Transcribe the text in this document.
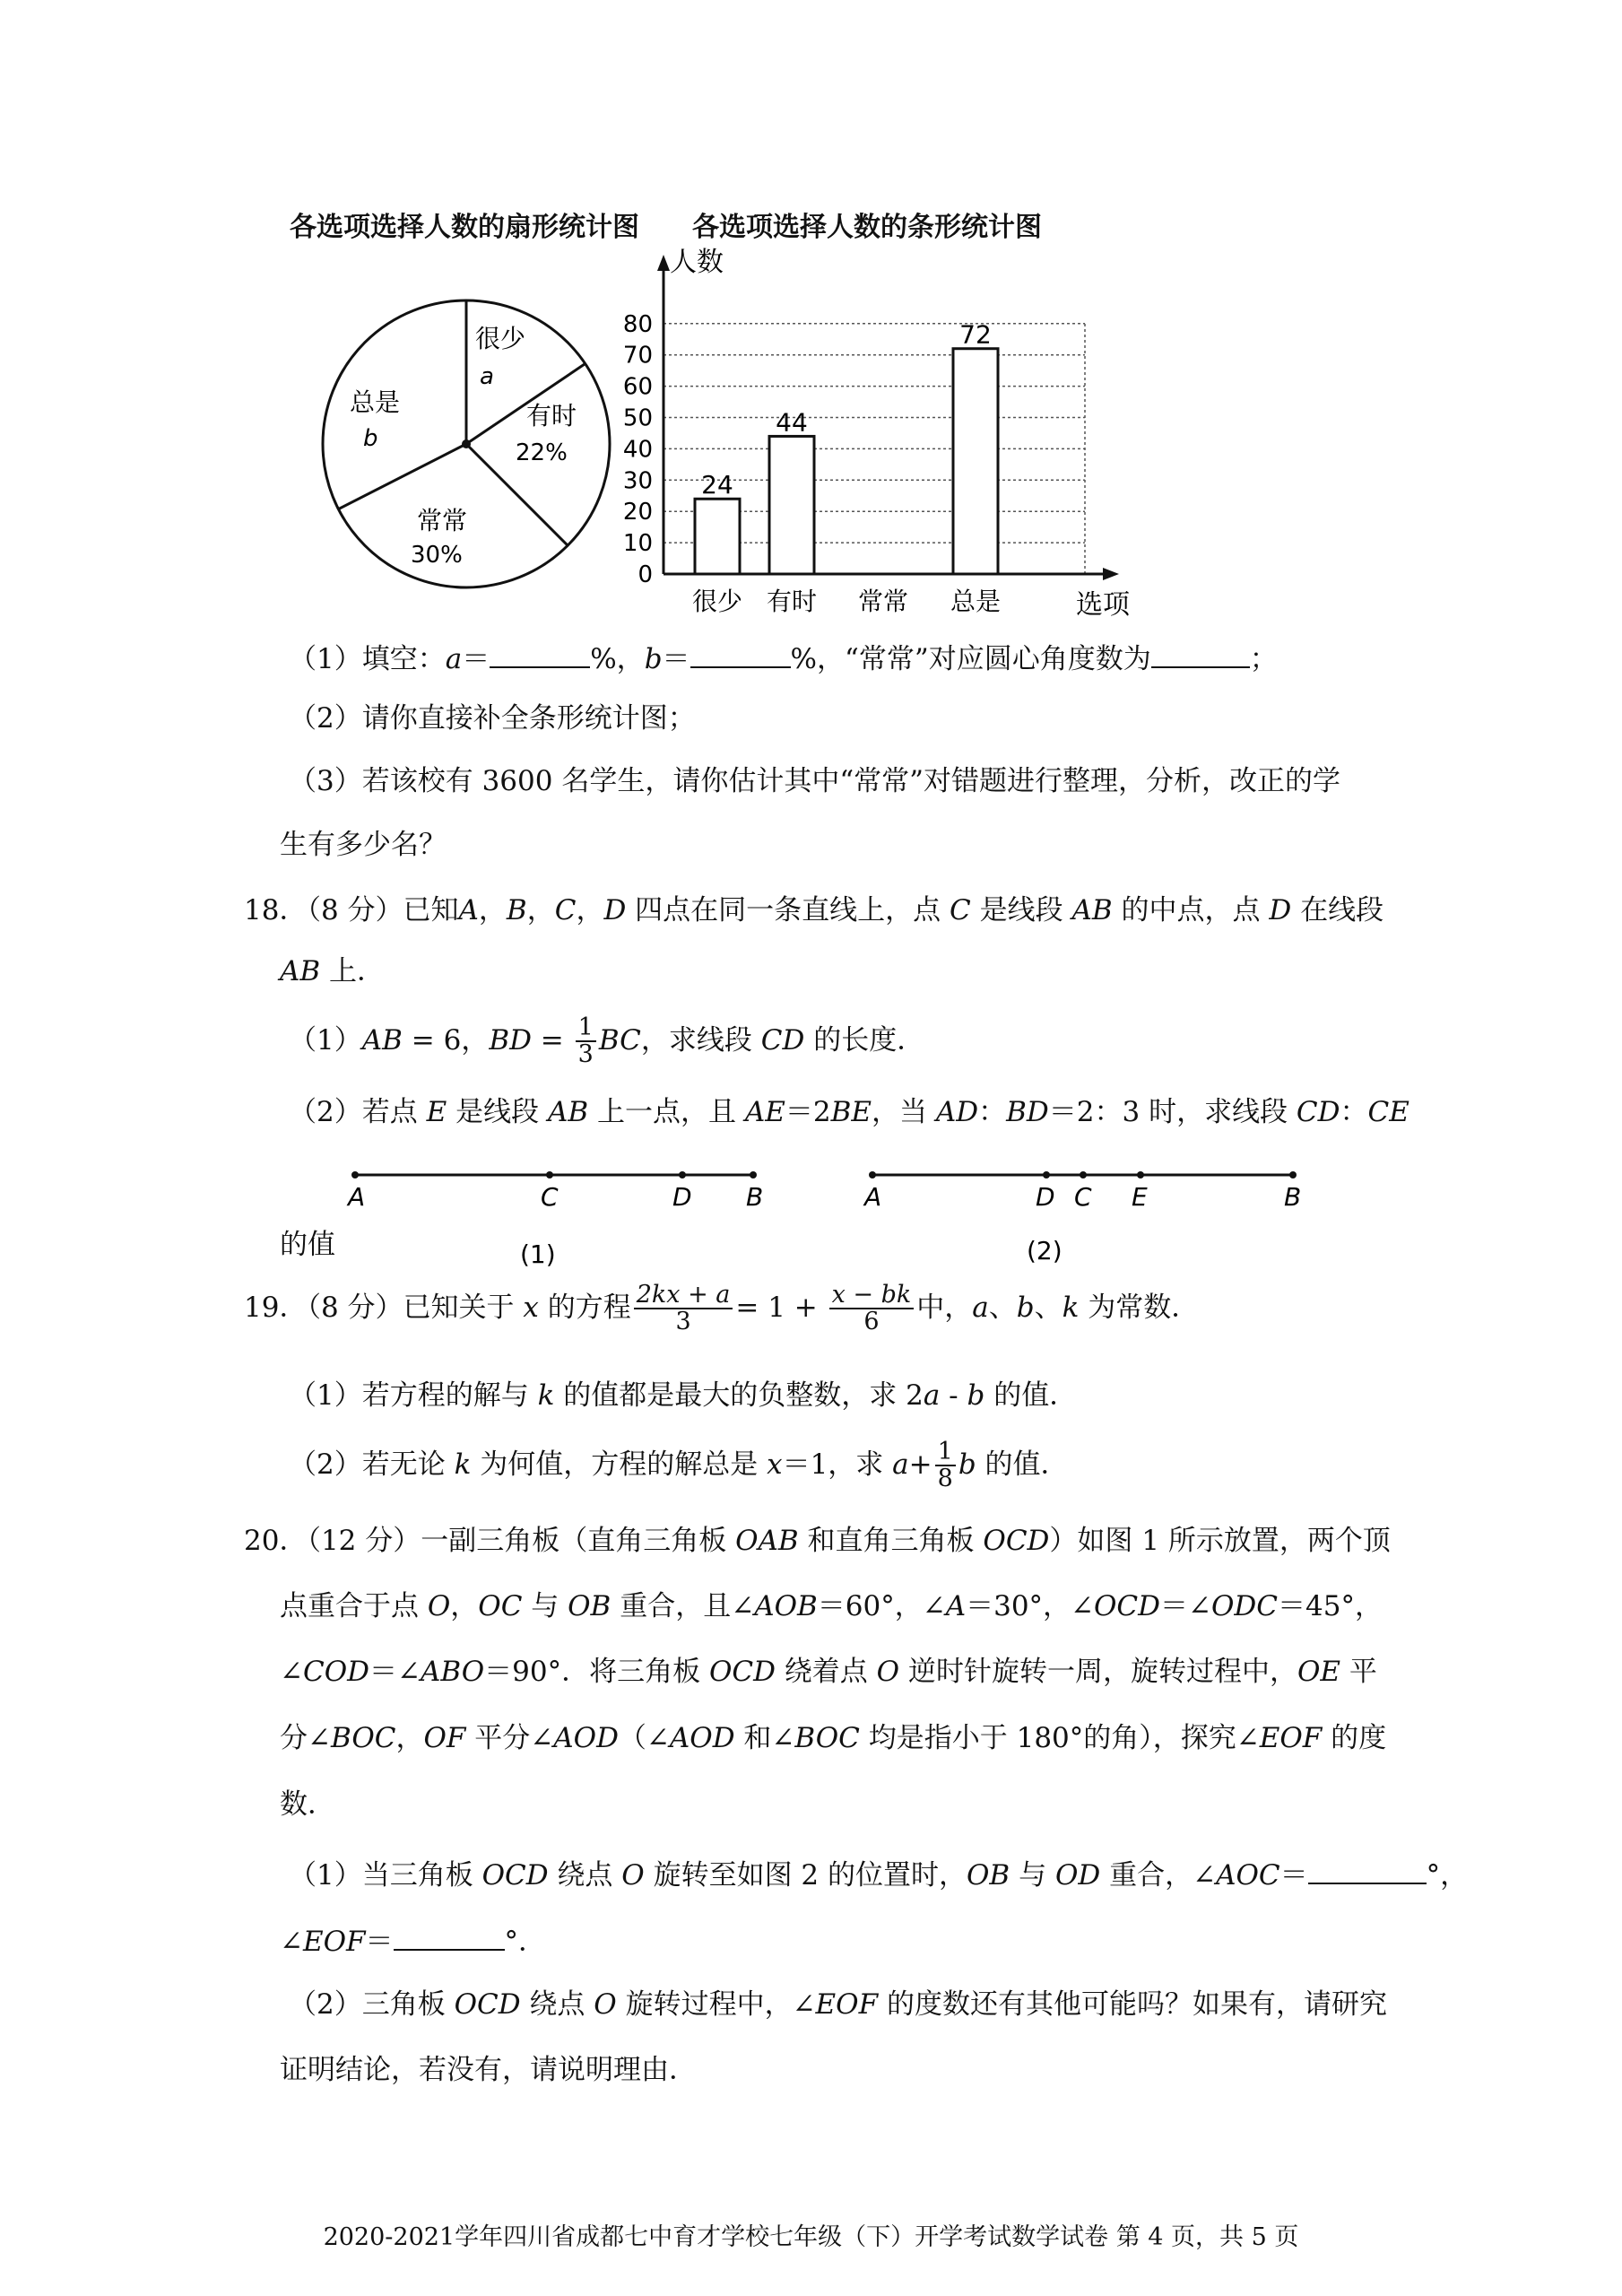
各选项选择人数的扇形统计图 各选项选择人数的条形统计图
很少
a
有时
22%
常常
30%
总是
b
人数
选项
0
10
20
30
40
50
60
70
80
很少
24
有时
44
常常 总是
72
（1）填空：a＝	%，b＝	%，“常常”对应圆心角度数为	；
（2）请你直接补全条形统计图；
（3）若该校有 3600 名学生，请你估计其中“常常”对错题进行整理，分析，改正的学
生有多少名？
18．（8 分）已知A，B，C，D 四点在同一条直线上，点 C 是线段 AB 的中点，点 D 在线段
AB 上．
（1）AB = 6，BD = $\frac{1}{3}$ BC，求线段 CD 的长度．
（2）若点 E 是线段 AB 上一点，且 AE＝2BE，当 AD：BD＝2：3 时，求线段 CD：CE
A	C	D B
(1)
A	D C E	B
(2)
的值
19．（8 分）已知关于 x 的方程 $\frac{2kx + a}{3} = 1 + \frac{x - bk}{6}$ 中，a、b、k 为常数．
（1）若方程的解与 k 的值都是最大的负整数，求 2a - b 的值．
（2）若无论 k 为何值，方程的解总是 x＝1，求 $a+ \frac{1}{8}$ b 的值．
20．（12 分）一副三角板（直角三角板 OAB 和直角三角板 OCD）如图 1 所示放置，两个顶
点重合于点 O，OC 与 OB 重合，且∠AOB＝60°，∠A＝30°，∠OCD＝∠ODC＝45°，
∠COD＝∠ABO＝90°．将三角板 OCD 绕着点 O 逆时针旋转一周，旋转过程中，OE 平
分∠BOC，OF 平分∠AOD（∠AOD 和∠BOC 均是指小于 180°的角），探究∠EOF 的度
数．
（1）当三角板 OCD 绕点 O 旋转至如图 2 的位置时，OB 与 OD 重合，∠AOC＝	°，
∠EOF＝	°．
（2）三角板 OCD 绕点 O 旋转过程中，∠EOF 的度数还有其他可能吗？如果有，请研究
证明结论，若没有，请说明理由．
2020-2021学年四川省成都七中育才学校七年级（下）开学考试数学试卷 第 4 页，共 5 页
